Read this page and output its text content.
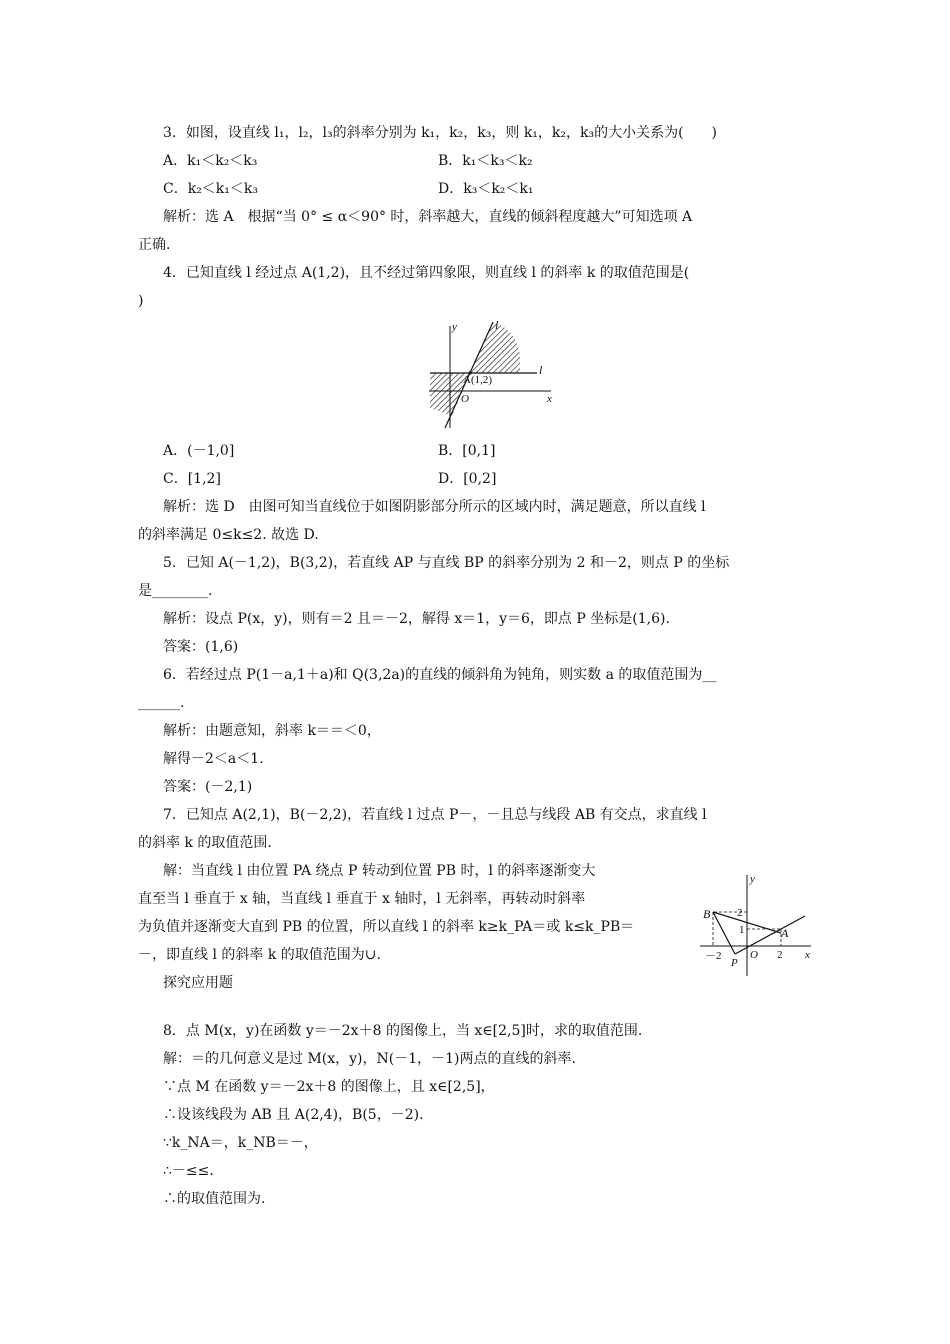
3．如图，设直线 l₁，l₂，l₃的斜率分别为 k₁，k₂，k₃，则 k₁，k₂，k₃的大小关系为(　　)
A．k₁＜k₂＜k₃	B．k₁＜k₃＜k₂
C．k₂＜k₁＜k₃	D．k₃＜k₂＜k₁
解析：选 A　根据“当 0° ≤ α＜90° 时，斜率越大，直线的倾斜程度越大”可知选项 A
正确.
4．已知直线 l 经过点 A(1,2)，且不经过第四象限，则直线 l 的斜率 k 的取值范围是(
)
y	l
l
A(1,2)
O	x
A．(－1,0]	B．[0,1]
C．[1,2]	D．[0,2]
解析：选 D　由图可知当直线位于如图阴影部分所示的区域内时，满足题意，所以直线 l
的斜率满足 0≤k≤2. 故选 D.
5．已知 A(－1,2)，B(3,2)，若直线 AP 与直线 BP 的斜率分别为 2 和－2，则点 P 的坐标
是________.
解析：设点 P(x，y)，则有＝2 且＝－2，解得 x＝1，y＝6，即点 P 坐标是(1,6).
答案：(1,6)
6．若经过点 P(1－a,1＋a)和 Q(3,2a)的直线的倾斜角为钝角，则实数 a 的取值范围为__
______.
解析：由题意知，斜率 k＝＝＜0，
解得－2＜a＜1.
答案：(－2,1)
7．已知点 A(2,1)，B(－2,2)，若直线 l 过点 P－，－且总与线段 AB 有交点，求直线 l
的斜率 k 的取值范围.
解：当直线 l 由位置 PA 绕点 P 转动到位置 PB 时，l 的斜率逐渐变大
直至当 l 垂直于 x 轴，当直线 l 垂直于 x 轴时，l 无斜率，再转动时斜率
为负值并逐渐变大直到 PB 的位置，所以直线 l 的斜率 k≥k_PA＝或 k≤k_PB＝
－，即直线 l 的斜率 k 的取值范围为∪.
y
B 2
1	A
－2
P
O 2 x
探究应用题
8．点 M(x，y)在函数 y＝－2x＋8 的图像上，当 x∈[2,5]时，求的取值范围.
解：＝的几何意义是过 M(x，y)，N(－1，－1)两点的直线的斜率.
∵点 M 在函数 y＝－2x＋8 的图像上，且 x∈[2,5]，
∴设该线段为 AB 且 A(2,4)，B(5，－2).
∵k_NA＝，k_NB＝－，
∴－≤≤.
∴的取值范围为.
